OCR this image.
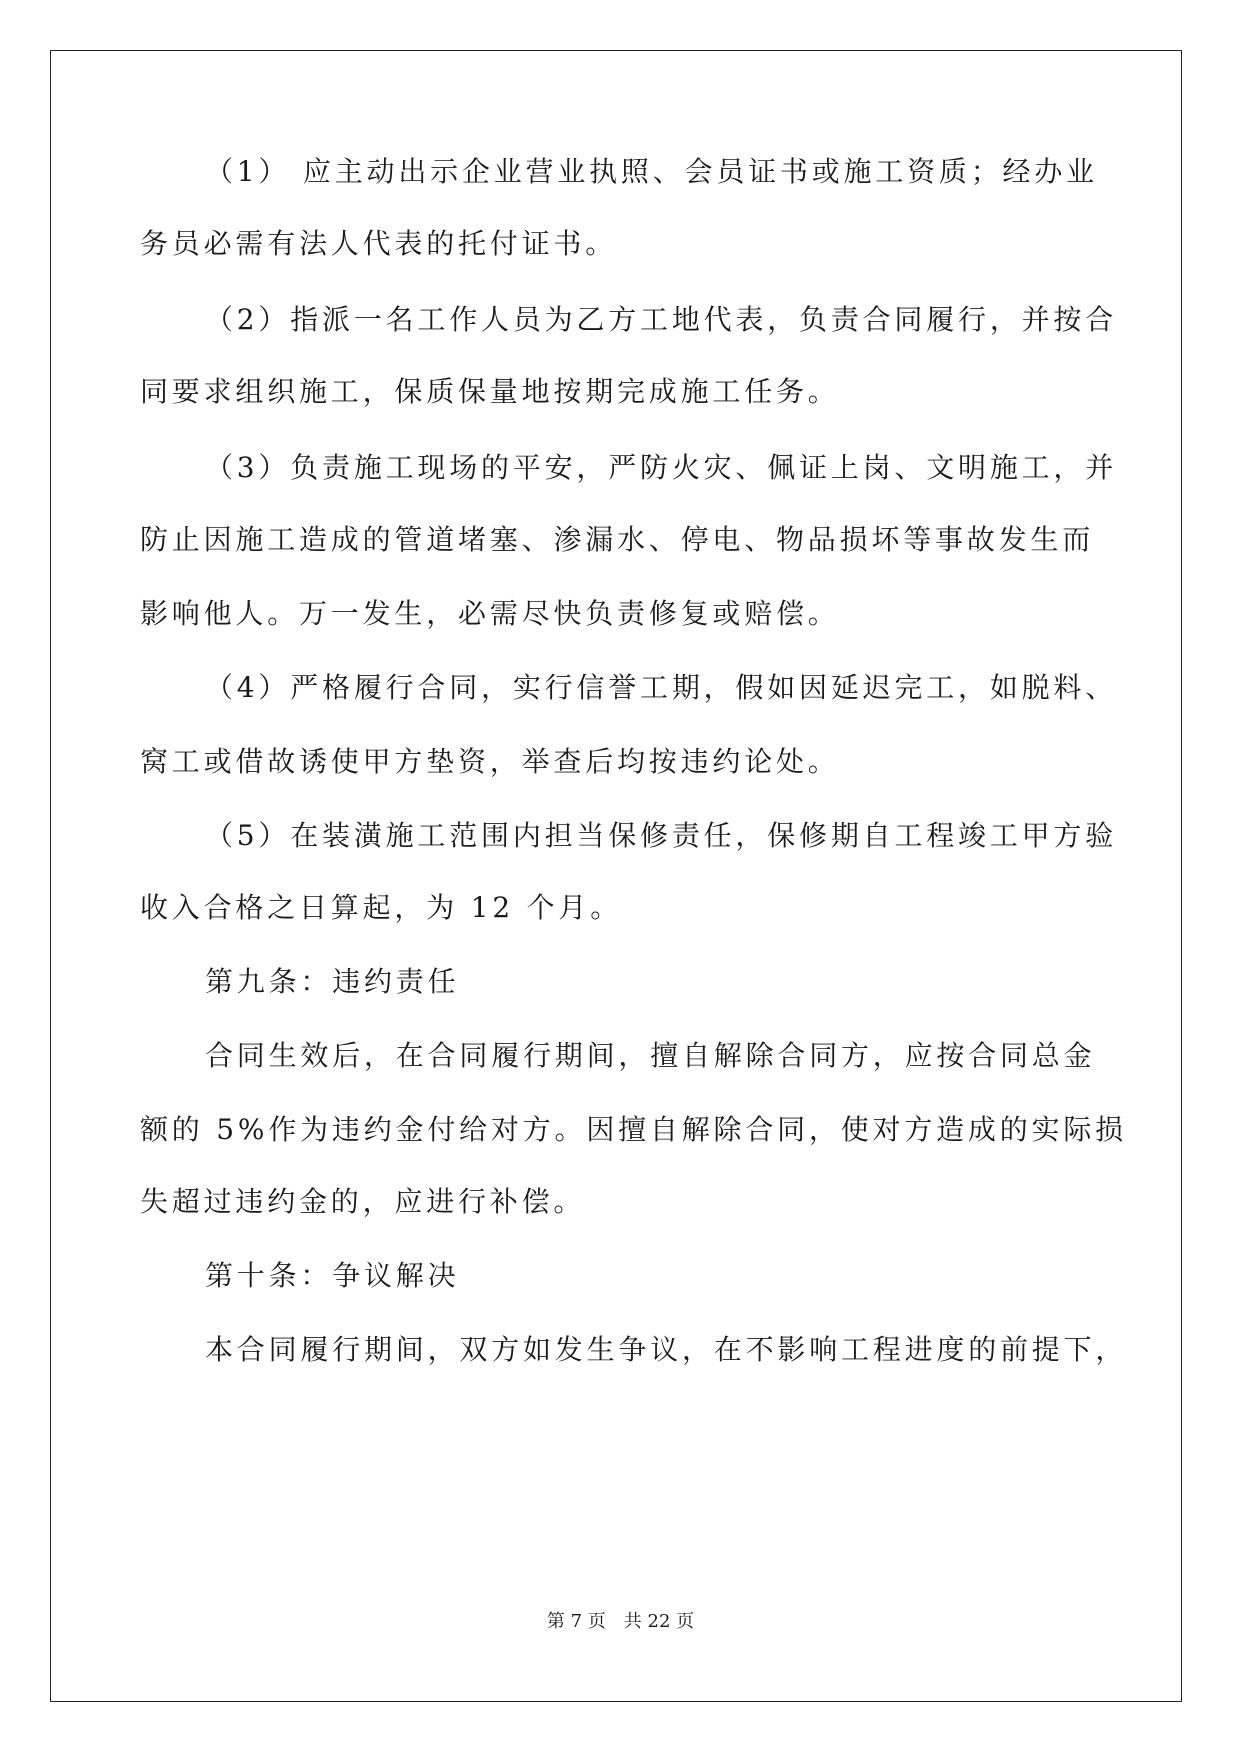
（1） 应主动出示企业营业执照、会员证书或施工资质；经办业

务员必需有法人代表的托付证书。

（2）指派一名工作人员为乙方工地代表，负责合同履行，并按合

同要求组织施工，保质保量地按期完成施工任务。

（3）负责施工现场的平安，严防火灾、佩证上岗、文明施工，并

防止因施工造成的管道堵塞、渗漏水、停电、物品损坏等事故发生而

影响他人。万一发生，必需尽快负责修复或赔偿。

（4）严格履行合同，实行信誉工期，假如因延迟完工，如脱料、

窝工或借故诱使甲方垫资，举查后均按违约论处。

（5）在装潢施工范围内担当保修责任，保修期自工程竣工甲方验

收入合格之日算起，为 12 个月。

第九条：违约责任

合同生效后，在合同履行期间，擅自解除合同方，应按合同总金

额的 5%作为违约金付给对方。因擅自解除合同，使对方造成的实际损

失超过违约金的，应进行补偿。

第十条：争议解决

本合同履行期间，双方如发生争议，在不影响工程进度的前提下，

第 7 页 共 22 页
